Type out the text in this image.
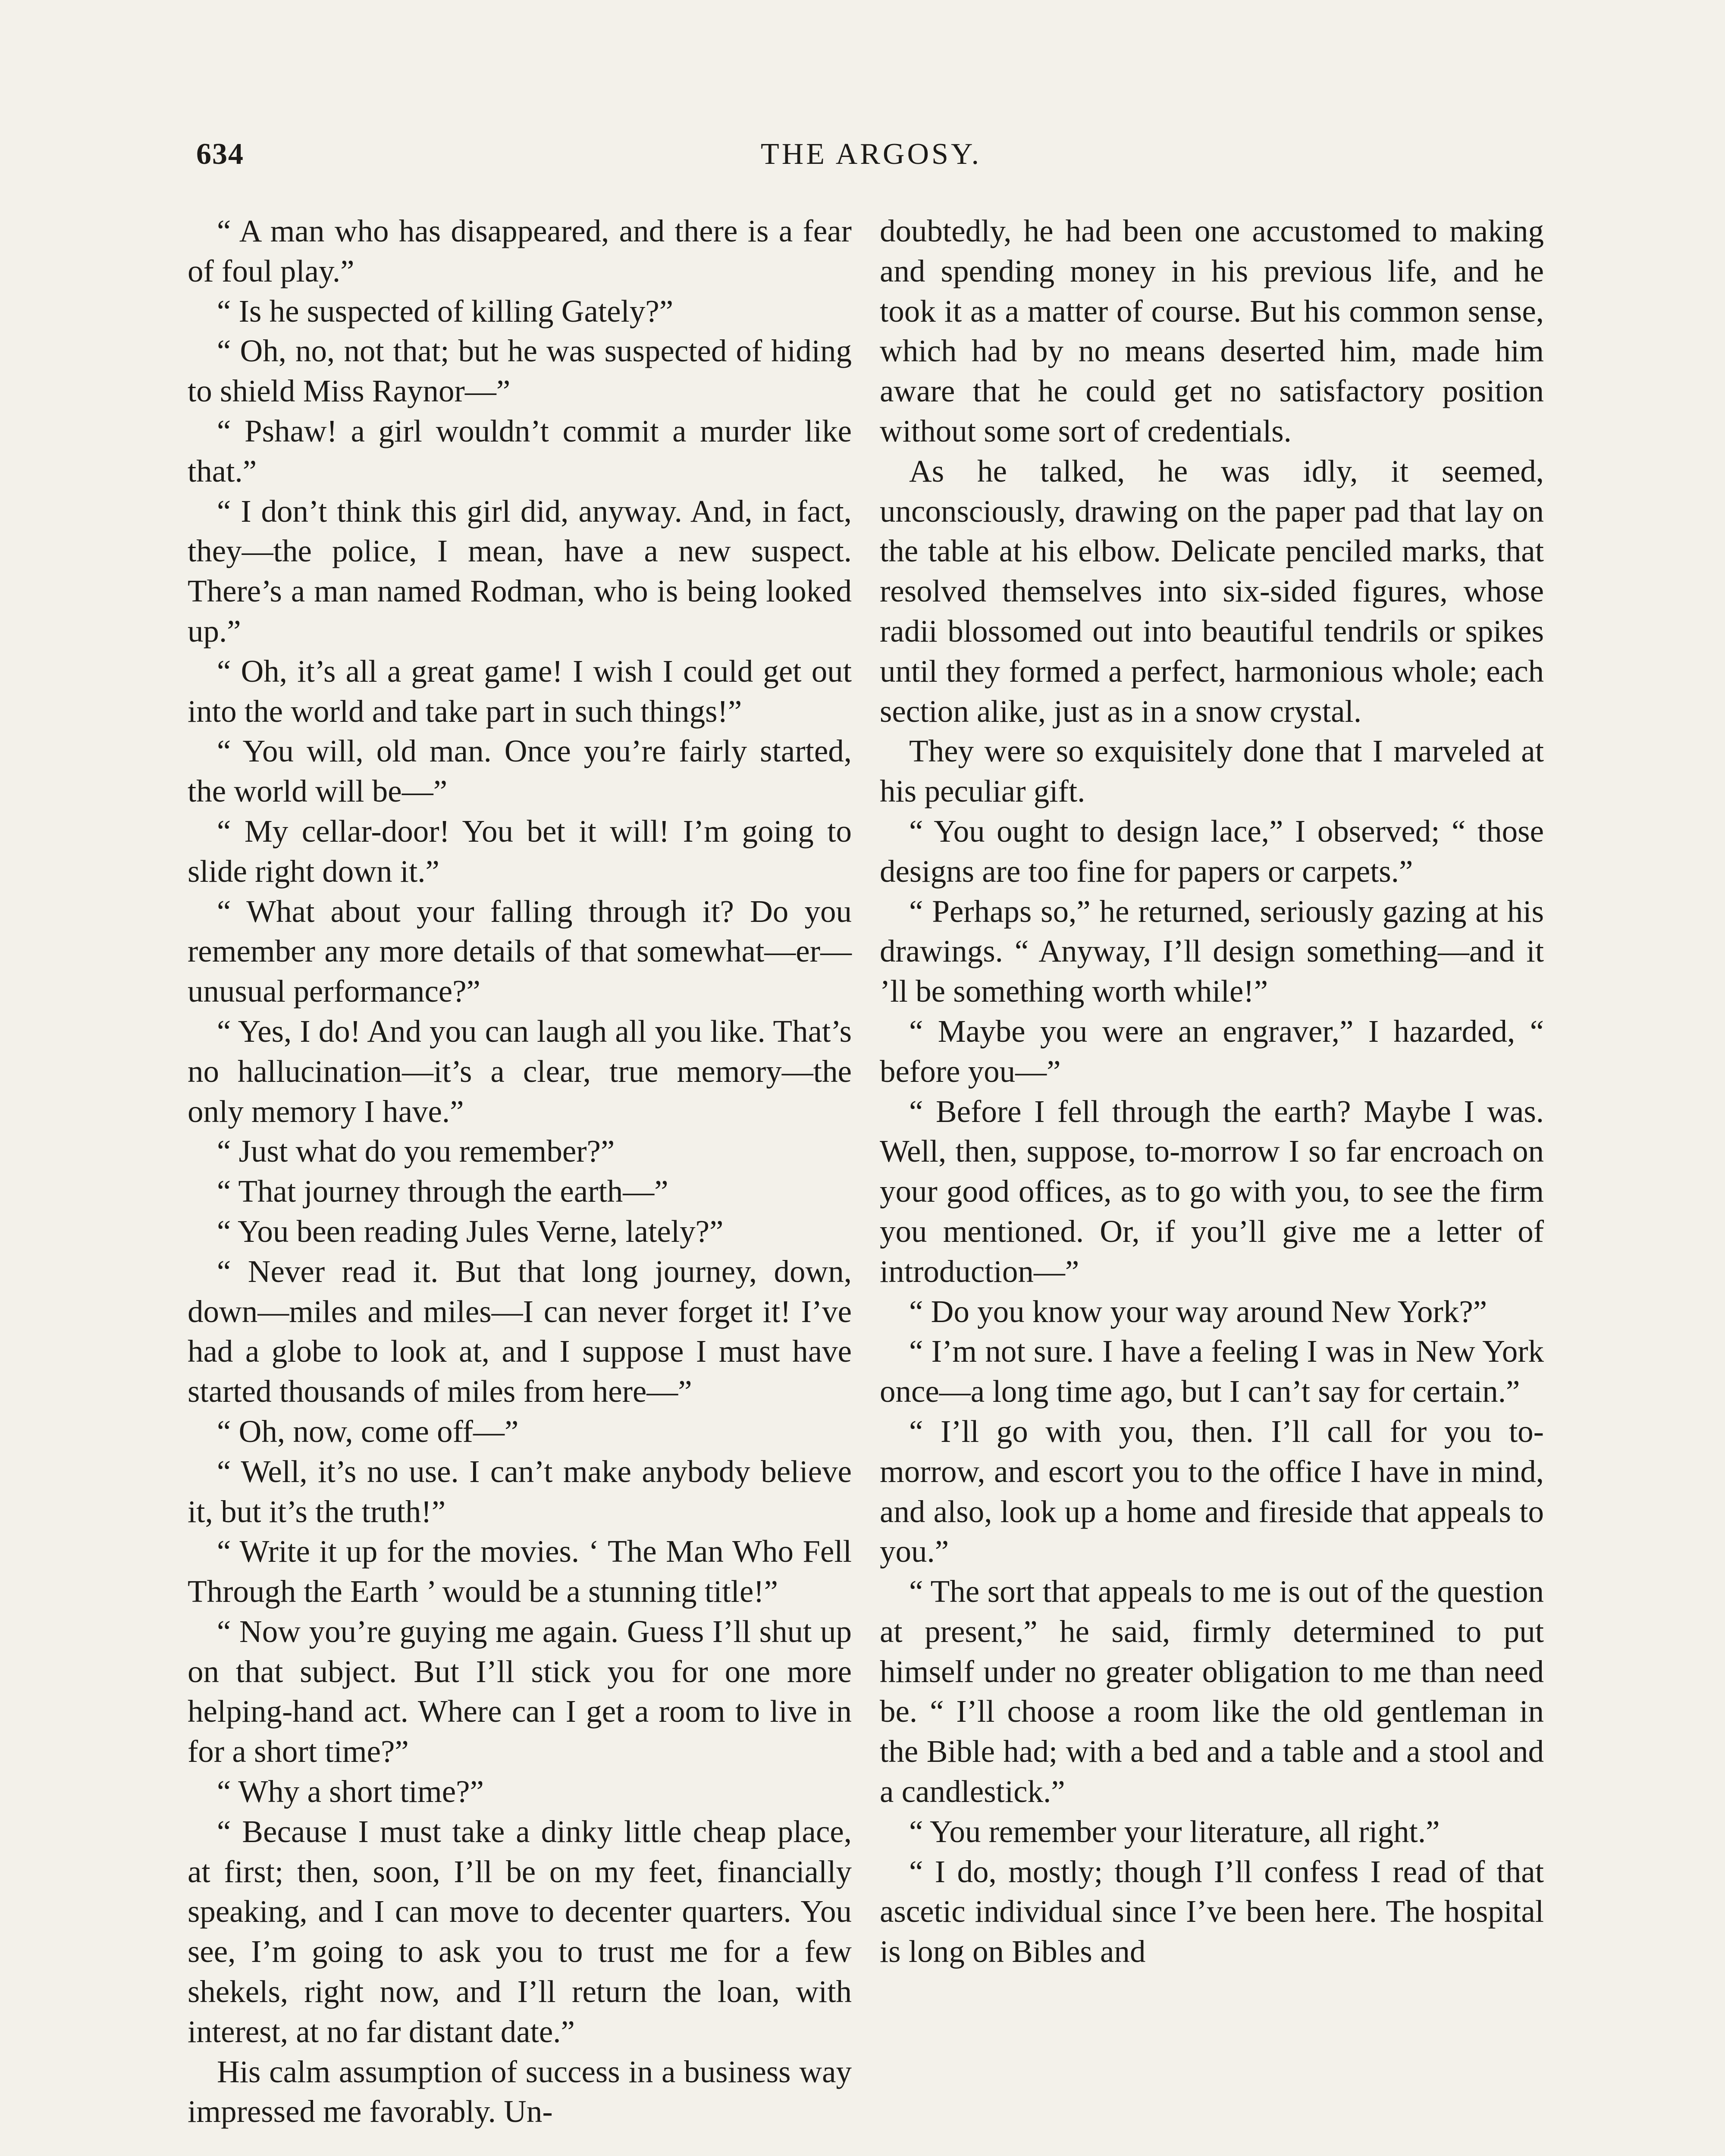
634	THE ARGOSY.

“ A man who has disappeared, and there is a fear of foul play.”

“ Is he suspected of killing Gately?”

“ Oh, no, not that; but he was suspected of hiding to shield Miss Raynor—”

“ Pshaw! a girl wouldn’t commit a murder like that.”

“ I don’t think this girl did, anyway. And, in fact, they—the police, I mean, have a new suspect. There’s a man named Rodman, who is being looked up.”

“ Oh, it’s all a great game! I wish I could get out into the world and take part in such things!”

“ You will, old man. Once you’re fairly started, the world will be—”

“ My cellar-door! You bet it will! I’m going to slide right down it.”

“ What about your falling through it? Do you remember any more details of that somewhat—er—unusual performance?”

“ Yes, I do! And you can laugh all you like. That’s no hallucination—it’s a clear, true memory—the only memory I have.”

“ Just what do you remember?”

“ That journey through the earth—”

“ You been reading Jules Verne, lately?”

“ Never read it. But that long journey, down, down—miles and miles—I can never forget it! I’ve had a globe to look at, and I suppose I must have started thousands of miles from here—”

“ Oh, now, come off—”

“ Well, it’s no use. I can’t make anybody believe it, but it’s the truth!”

“ Write it up for the movies. ‘ The Man Who Fell Through the Earth ’ would be a stunning title!”

“ Now you’re guying me again. Guess I’ll shut up on that subject. But I’ll stick you for one more helping-hand act. Where can I get a room to live in for a short time?”

“ Why a short time?”

“ Because I must take a dinky little cheap place, at first; then, soon, I’ll be on my feet, financially speaking, and I can move to decenter quarters. You see, I’m going to ask you to trust me for a few shekels, right now, and I’ll return the loan, with interest, at no far distant date.”

His calm assumption of success in a business way impressed me favorably. Un-

doubtedly, he had been one accustomed to making and spending money in his previous life, and he took it as a matter of course. But his common sense, which had by no means deserted him, made him aware that he could get no satisfactory position without some sort of credentials.

As he talked, he was idly, it seemed, unconsciously, drawing on the paper pad that lay on the table at his elbow. Delicate penciled marks, that resolved themselves into six-sided figures, whose radii blossomed out into beautiful tendrils or spikes until they formed a perfect, harmonious whole; each section alike, just as in a snow crystal.

They were so exquisitely done that I marveled at his peculiar gift.

“ You ought to design lace,” I observed; “ those designs are too fine for papers or carpets.”

“ Perhaps so,” he returned, seriously gazing at his drawings. “ Anyway, I’ll design something—and it ’ll be something worth while!”

“ Maybe you were an engraver,” I hazarded, “ before you—”

“ Before I fell through the earth? Maybe I was. Well, then, suppose, to-morrow I so far encroach on your good offices, as to go with you, to see the firm you mentioned. Or, if you’ll give me a letter of introduction—”

“ Do you know your way around New York?”

“ I’m not sure. I have a feeling I was in New York once—a long time ago, but I can’t say for certain.”

“ I’ll go with you, then. I’ll call for you to-morrow, and escort you to the office I have in mind, and also, look up a home and fireside that appeals to you.”

“ The sort that appeals to me is out of the question at present,” he said, firmly determined to put himself under no greater obligation to me than need be. “ I’ll choose a room like the old gentleman in the Bible had; with a bed and a table and a stool and a candlestick.”

“ You remember your literature, all right.”

“ I do, mostly; though I’ll confess I read of that ascetic individual since I’ve been here. The hospital is long on Bibles and
